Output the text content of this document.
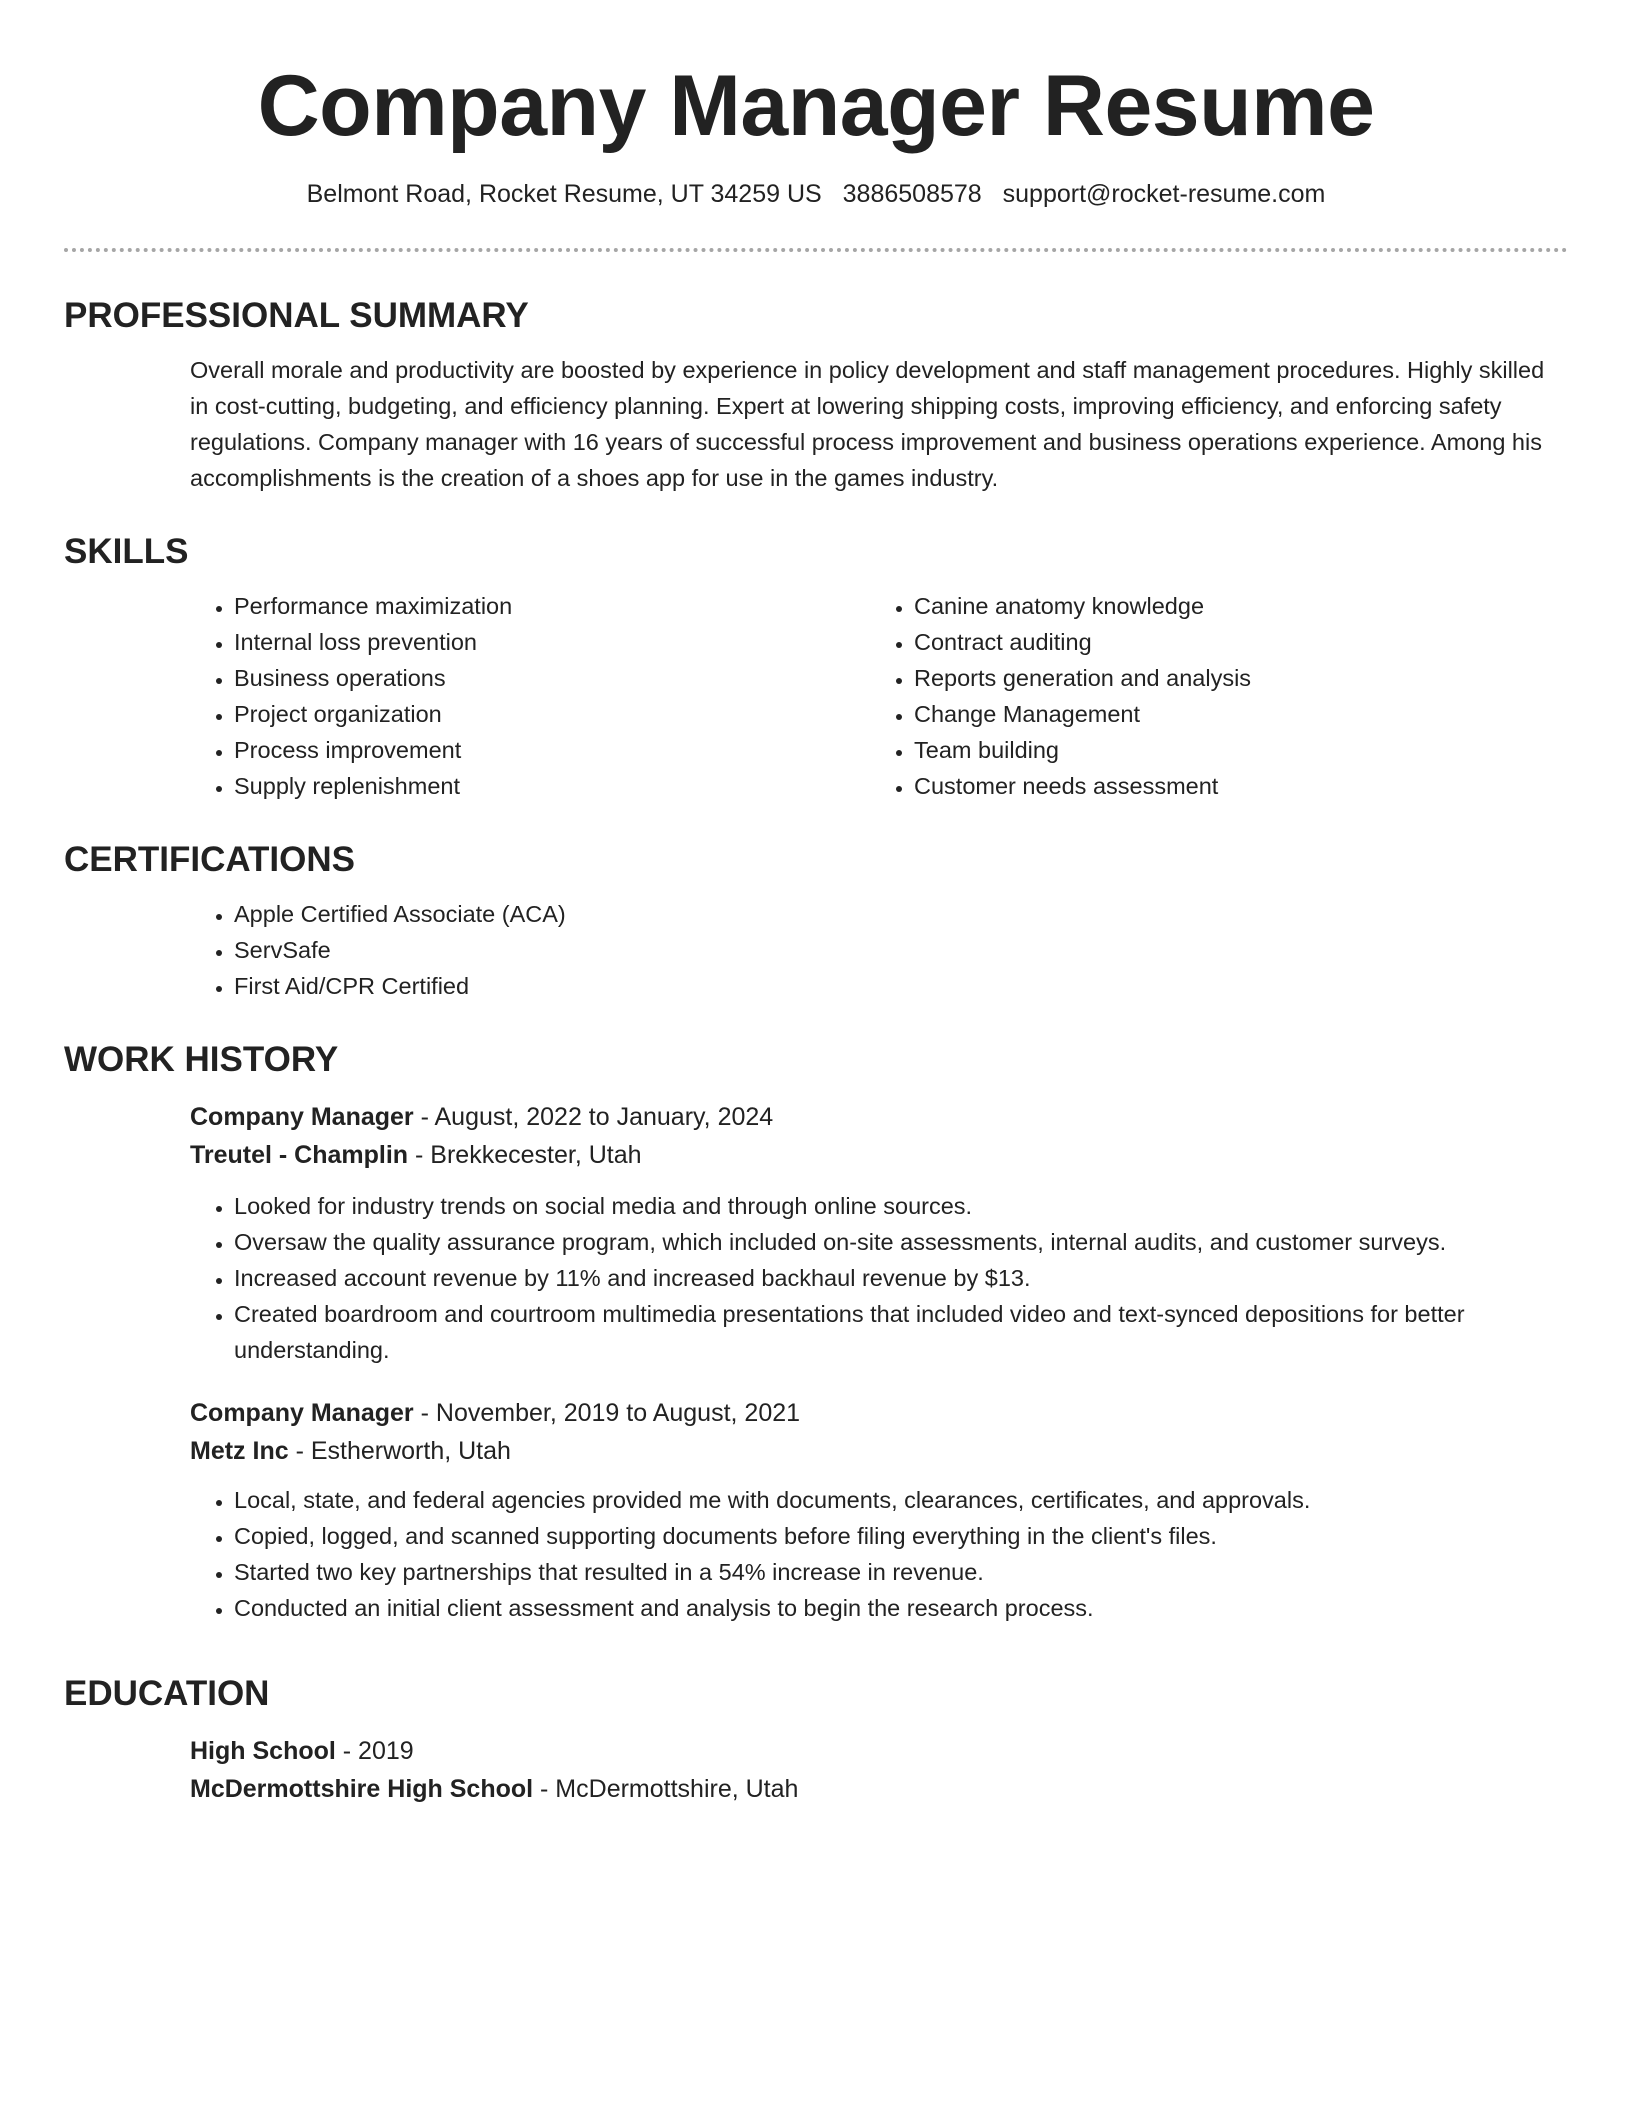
Company Manager Resume
Belmont Road, Rocket Resume, UT 34259 US 3886508578 support@rocket-resume.com
PROFESSIONAL SUMMARY

Overall morale and productivity are boosted by experience in policy development and staff management procedures. Highly skilled in cost-cutting, budgeting, and efficiency planning. Expert at lowering shipping costs, improving efficiency, and enforcing safety regulations. Company manager with 16 years of successful process improvement and business operations experience. Among his accomplishments is the creation of a shoes app for use in the games industry.

SKILLS
• Performance maximization
• Internal loss prevention
• Business operations
• Project organization
• Process improvement
• Supply replenishment
• Canine anatomy knowledge
• Contract auditing
• Reports generation and analysis
• Change Management
• Team building
• Customer needs assessment
CERTIFICATIONS
• Apple Certified Associate (ACA)
• ServSafe
• First Aid/CPR Certified
WORK HISTORY
Company Manager - August, 2022 to January, 2024
Treutel - Champlin - Brekkecester, Utah
• Looked for industry trends on social media and through online sources.
• Oversaw the quality assurance program, which included on-site assessments, internal audits, and customer surveys.
• Increased account revenue by 11% and increased backhaul revenue by $13.
• Created boardroom and courtroom multimedia presentations that included video and text-synced depositions for better understanding.
Company Manager - November, 2019 to August, 2021
Metz Inc - Estherworth, Utah
• Local, state, and federal agencies provided me with documents, clearances, certificates, and approvals.
• Copied, logged, and scanned supporting documents before filing everything in the client's files.
• Started two key partnerships that resulted in a 54% increase in revenue.
• Conducted an initial client assessment and analysis to begin the research process.
EDUCATION
High School - 2019
McDermottshire High School - McDermottshire, Utah
